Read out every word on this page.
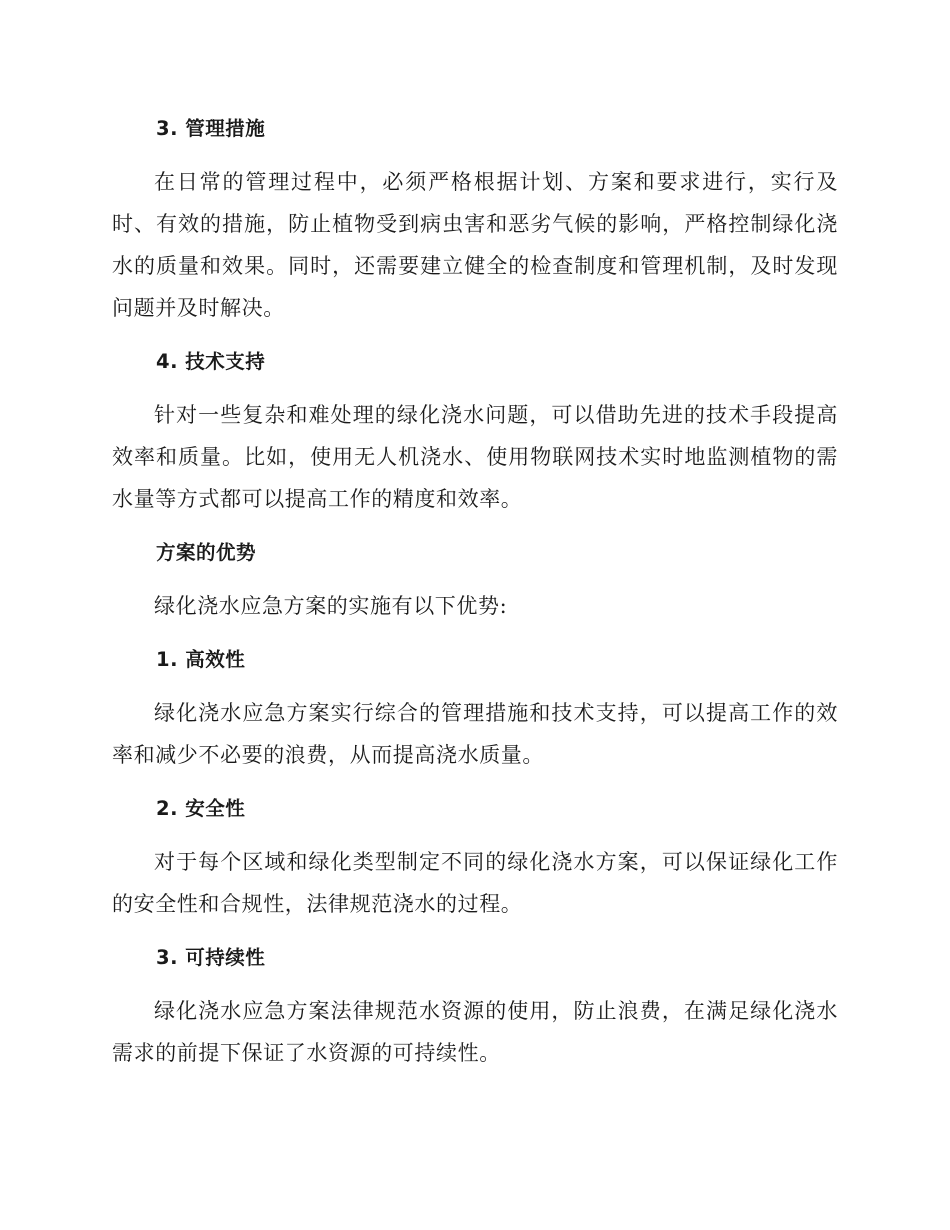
3. 管理措施

在日常的管理过程中，必须严格根据计划、方案和要求进行，实行及时、有效的措施，防止植物受到病虫害和恶劣气候的影响，严格控制绿化浇水的质量和效果。同时，还需要建立健全的检查制度和管理机制，及时发现问题并及时解决。

4. 技术支持

针对一些复杂和难处理的绿化浇水问题，可以借助先进的技术手段提高效率和质量。比如，使用无人机浇水、使用物联网技术实时地监测植物的需水量等方式都可以提高工作的精度和效率。

方案的优势

绿化浇水应急方案的实施有以下优势:

1. 高效性

绿化浇水应急方案实行综合的管理措施和技术支持，可以提高工作的效率和减少不必要的浪费，从而提高浇水质量。

2. 安全性

对于每个区域和绿化类型制定不同的绿化浇水方案，可以保证绿化工作的安全性和合规性，法律规范浇水的过程。

3. 可持续性

绿化浇水应急方案法律规范水资源的使用，防止浪费，在满足绿化浇水需求的前提下保证了水资源的可持续性。
